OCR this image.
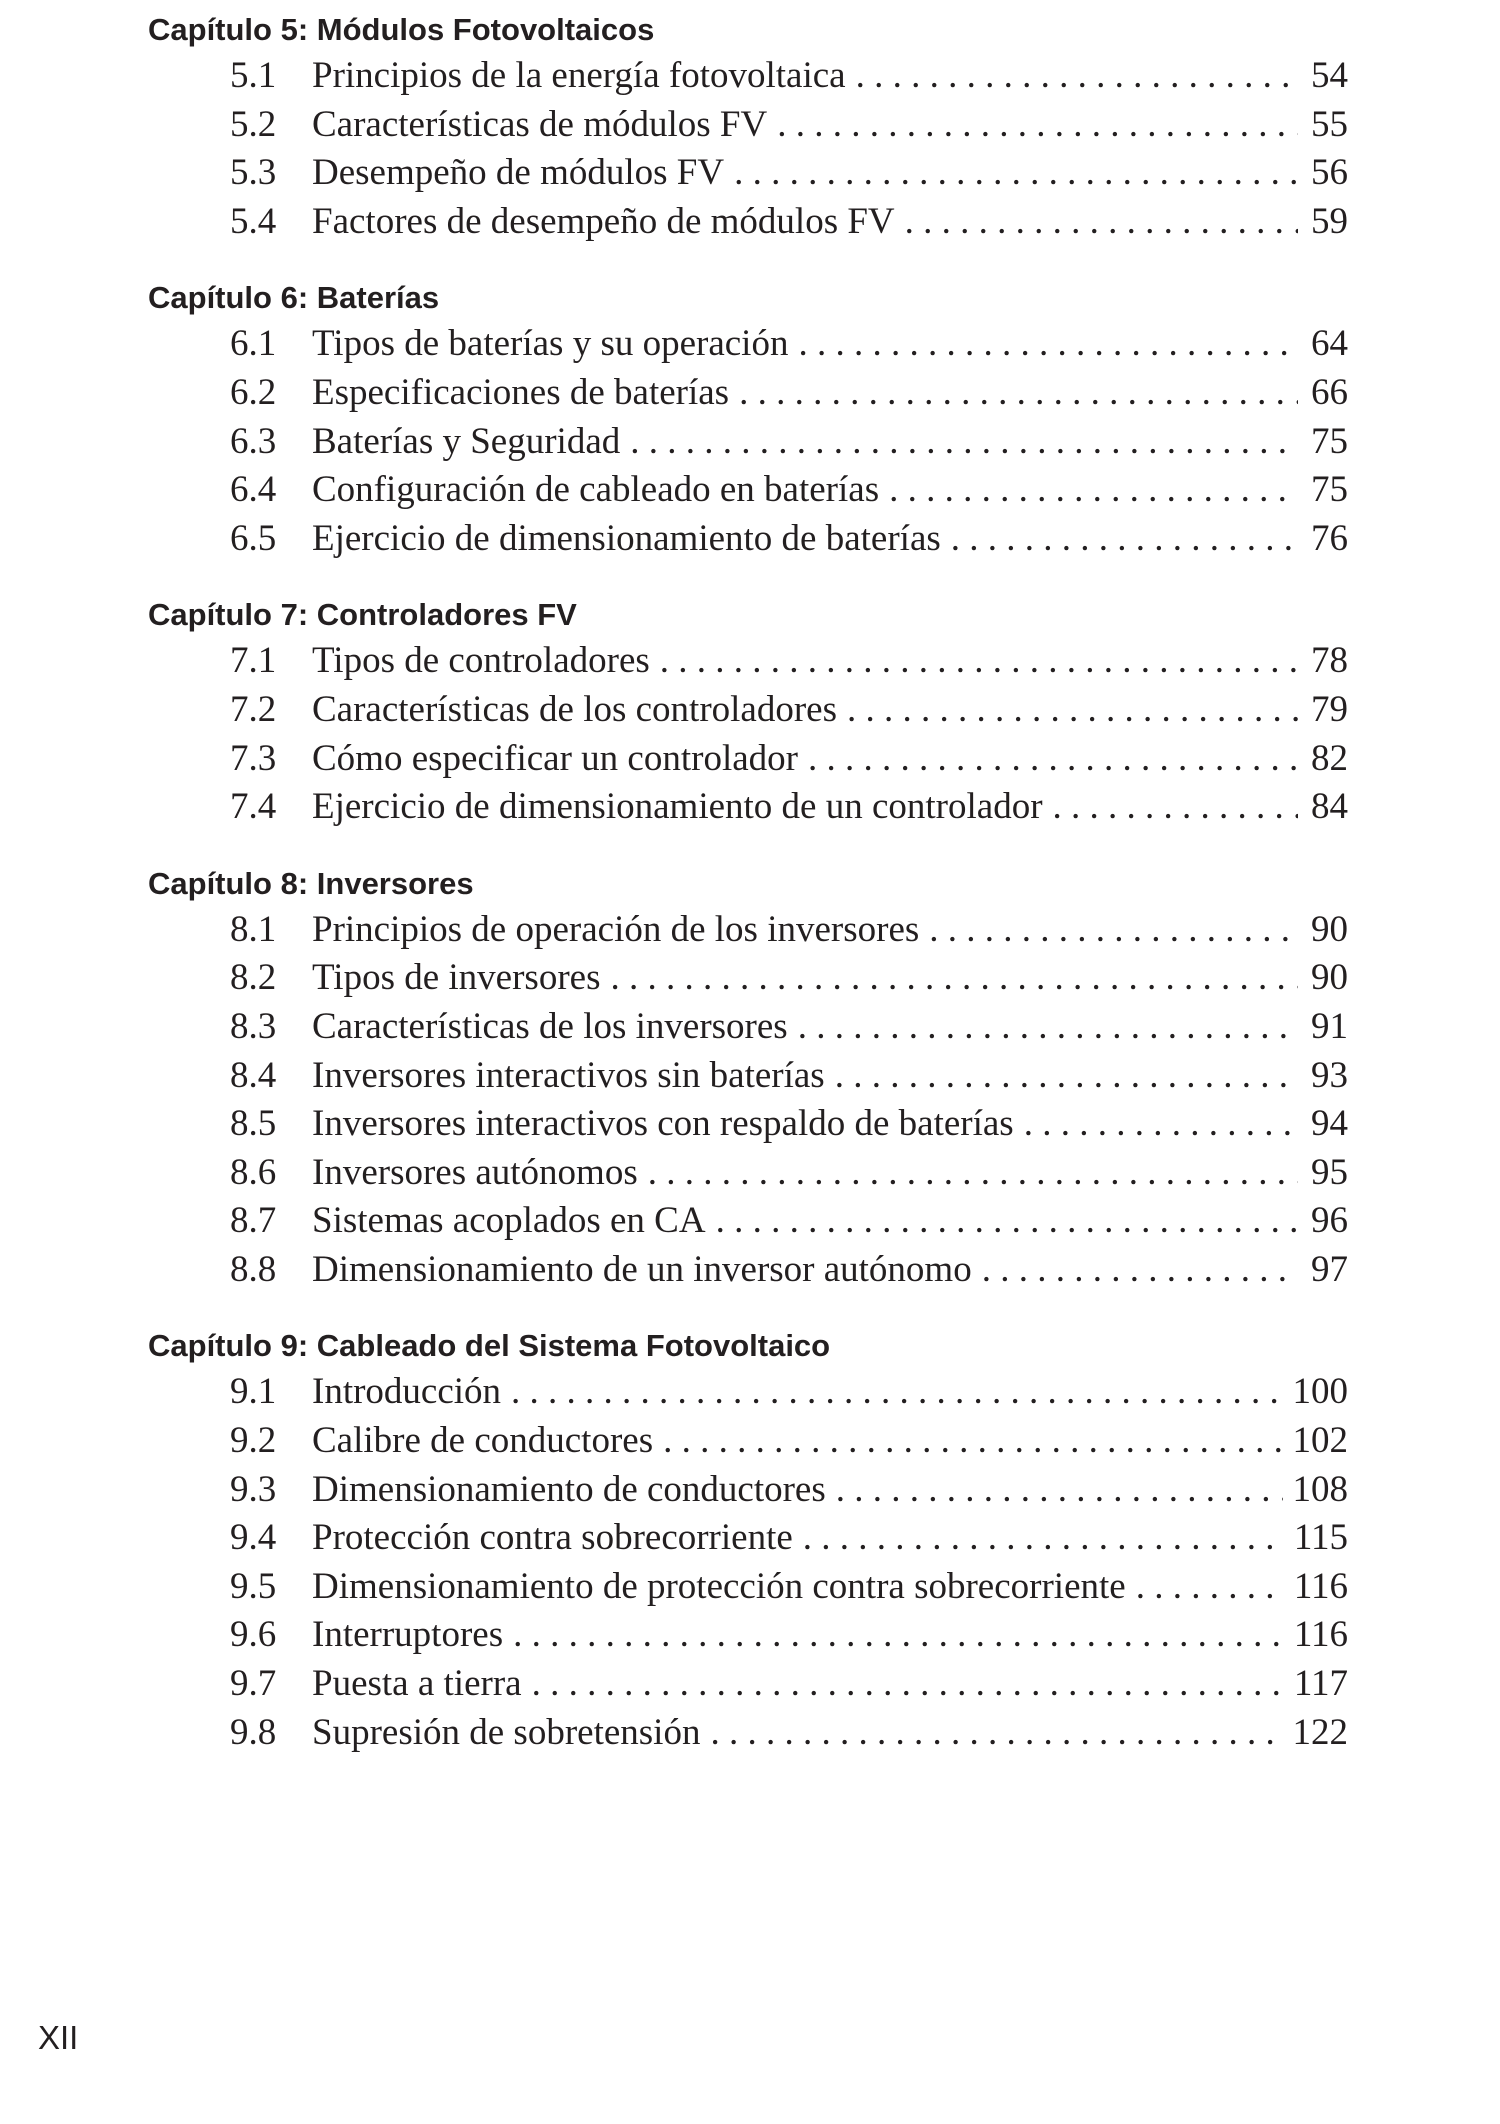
Capítulo 5: Módulos Fotovoltaicos
5.1 Principios de la energía fotovoltaica . . .	54
5.2 Características de módulos FV . . .	55
5.3 Desempeño de módulos FV . . .	56
5.4 Factores de desempeño de módulos FV . . .	59
Capítulo 6: Baterías
6.1 Tipos de baterías y su operación . . .	64
6.2 Especificaciones de baterías . . .	66
6.3 Baterías y Seguridad . . .	75
6.4 Configuración de cableado en baterías . . .	75
6.5 Ejercicio de dimensionamiento de baterías . . .	76
Capítulo 7: Controladores FV
7.1 Tipos de controladores . . .	78
7.2 Características de los controladores . . .	79
7.3 Cómo especificar un controlador . . .	82
7.4 Ejercicio de dimensionamiento de un controlador . . .	84
Capítulo 8: Inversores
8.1 Principios de operación de los inversores . . .	90
8.2 Tipos de inversores . . .	90
8.3 Características de los inversores . . .	91
8.4 Inversores interactivos sin baterías . . .	93
8.5 Inversores interactivos con respaldo de baterías . . .	94
8.6 Inversores autónomos . . .	95
8.7 Sistemas acoplados en CA . . .	96
8.8 Dimensionamiento de un inversor autónomo . . .	97
Capítulo 9: Cableado del Sistema Fotovoltaico
9.1 Introducción . . .	100
9.2 Calibre de conductores . . .	102
9.3 Dimensionamiento de conductores . . .	108
9.4 Protección contra sobrecorriente . . .	115
9.5 Dimensionamiento de protección contra sobrecorriente . . .	116
9.6 Interruptores . . .	116
9.7 Puesta a tierra . . .	117
9.8 Supresión de sobretensión . . .	122
XII
